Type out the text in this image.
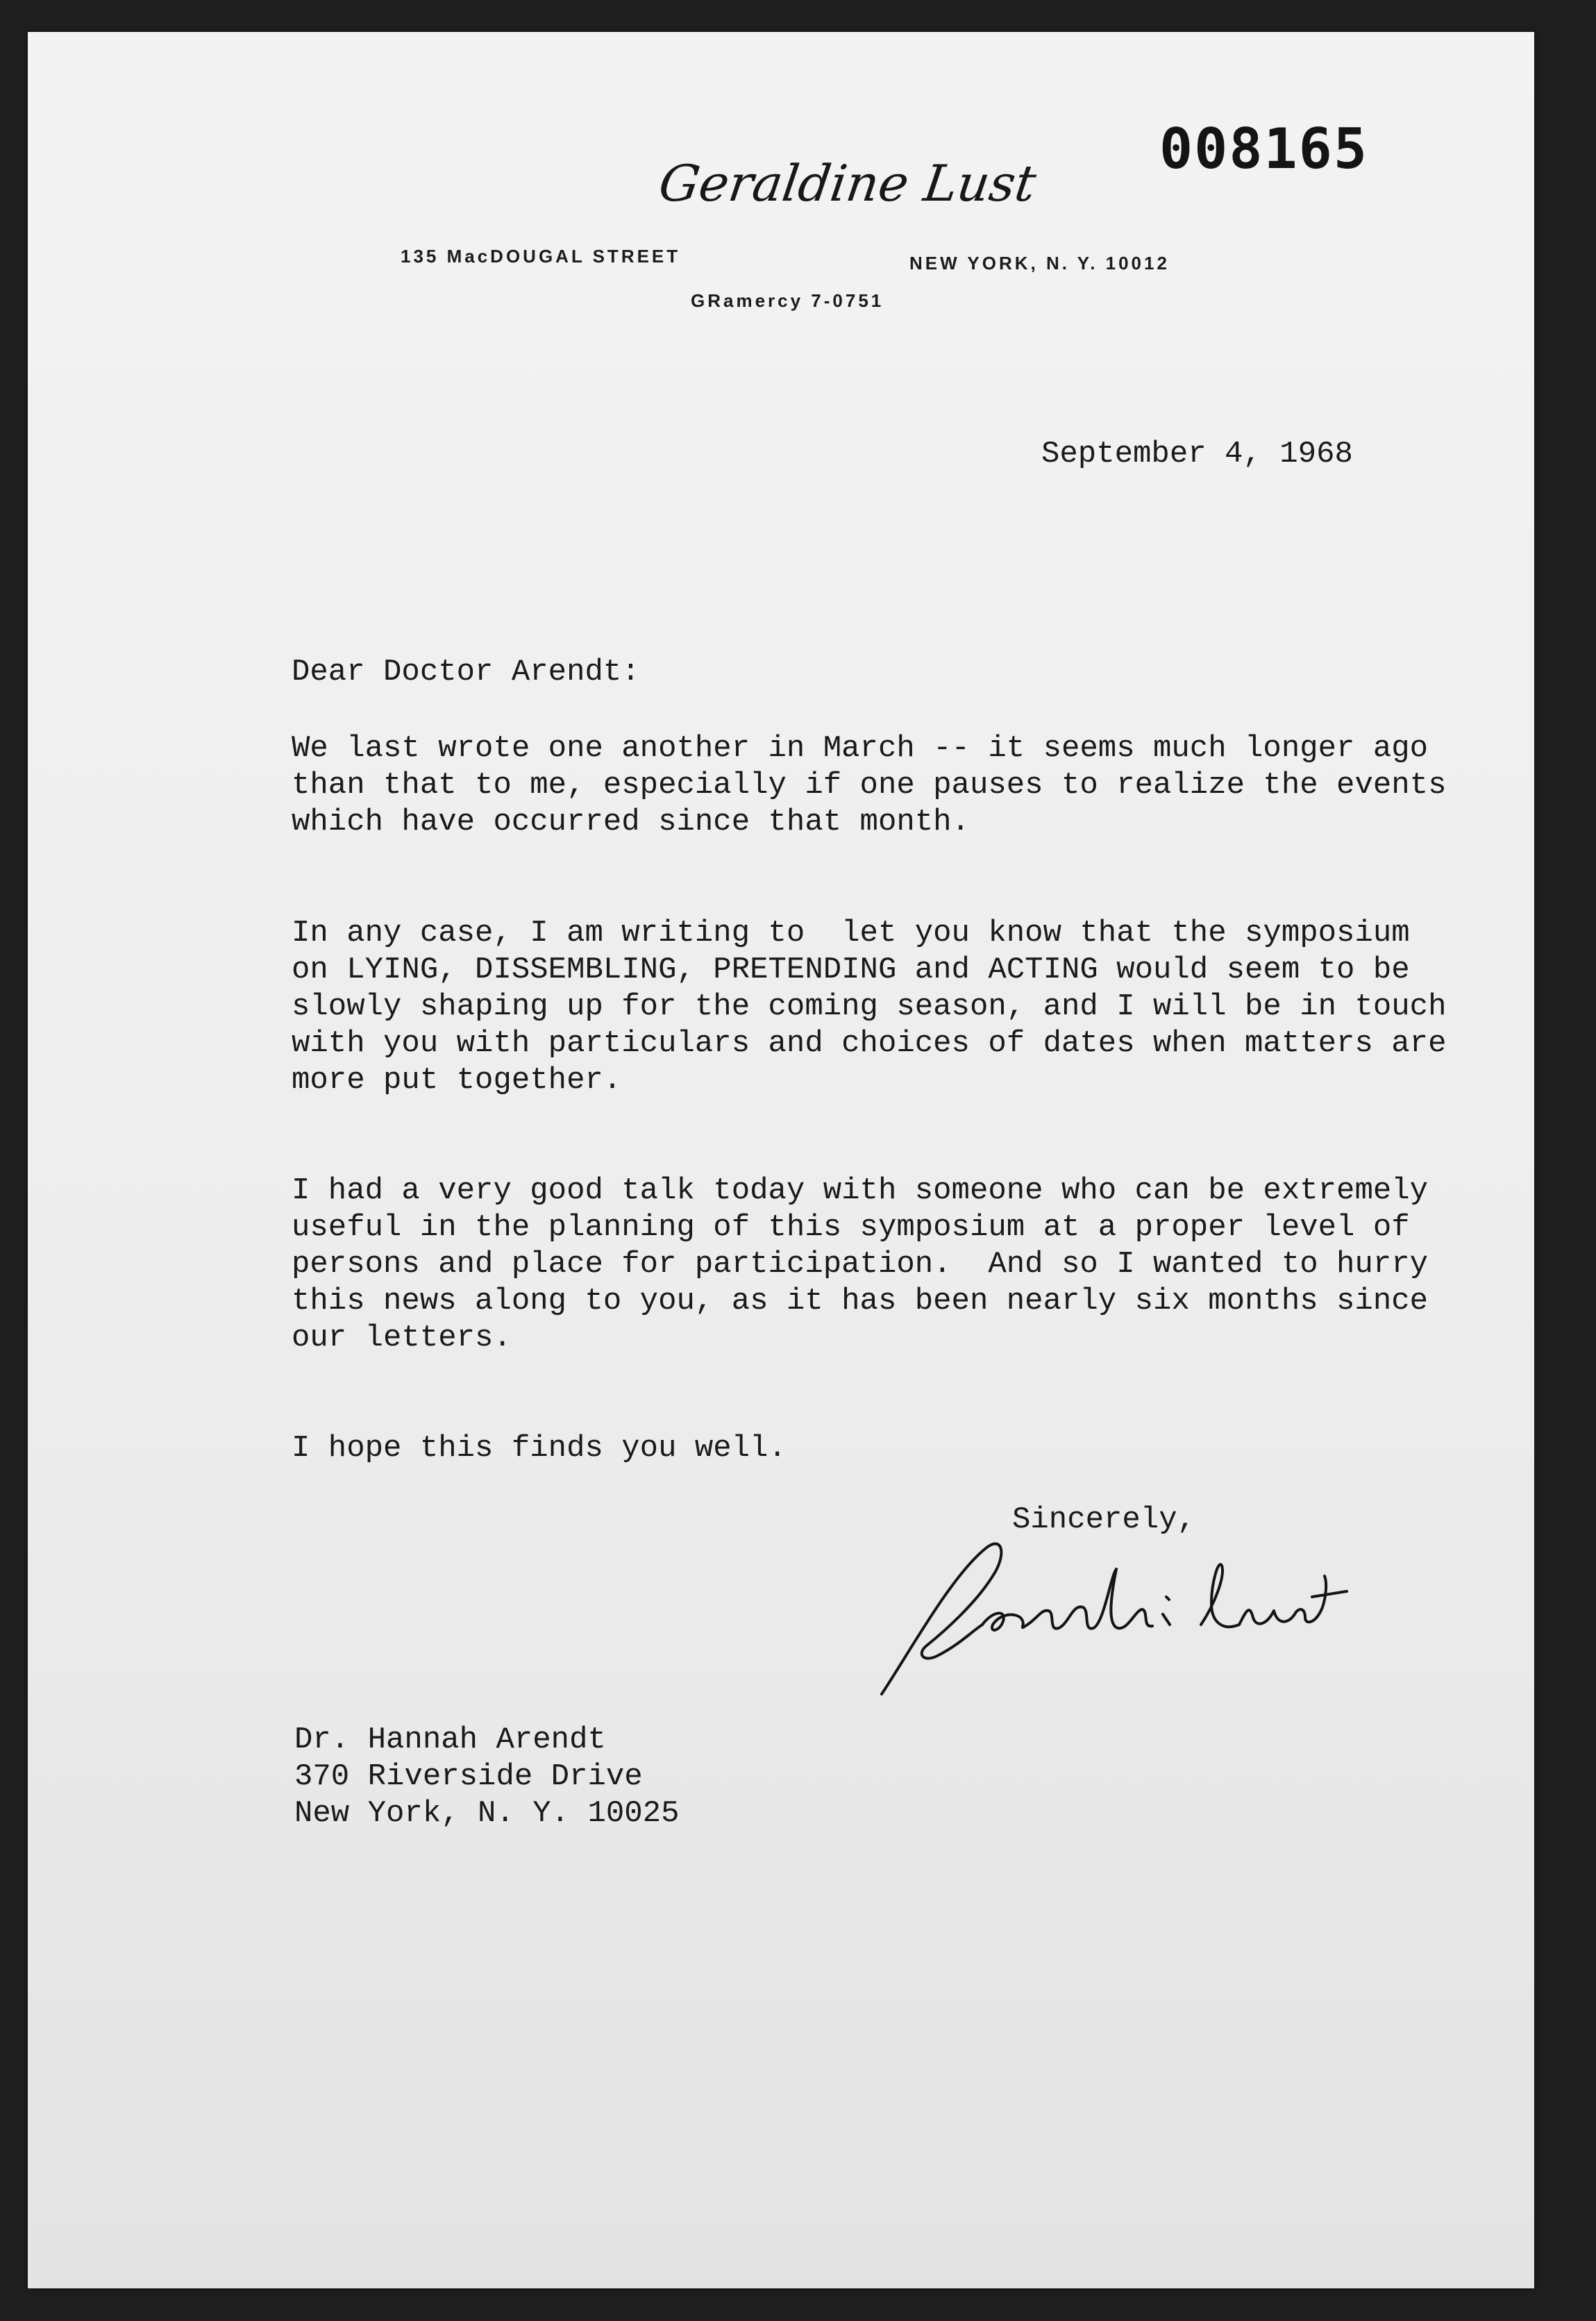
008165
Geraldine Lust
135 MacDOUGAL STREET	NEW YORK, N. Y. 10012
GRamercy 7-0751
September 4, 1968
Dear Doctor Arendt:
We last wrote one another in March -- it seems much longer ago
than that to me, especially if one pauses to realize the events
which have occurred since that month.
In any case, I am writing to  let you know that the symposium
on LYING, DISSEMBLING, PRETENDING and ACTING would seem to be
slowly shaping up for the coming season, and I will be in touch
with you with particulars and choices of dates when matters are
more put together.
I had a very good talk today with someone who can be extremely
useful in the planning of this symposium at a proper level of
persons and place for participation.  And so I wanted to hurry
this news along to you, as it has been nearly six months since
our letters.
I hope this finds you well.
Sincerely,
Dr. Hannah Arendt
370 Riverside Drive
New York, N. Y. 10025
